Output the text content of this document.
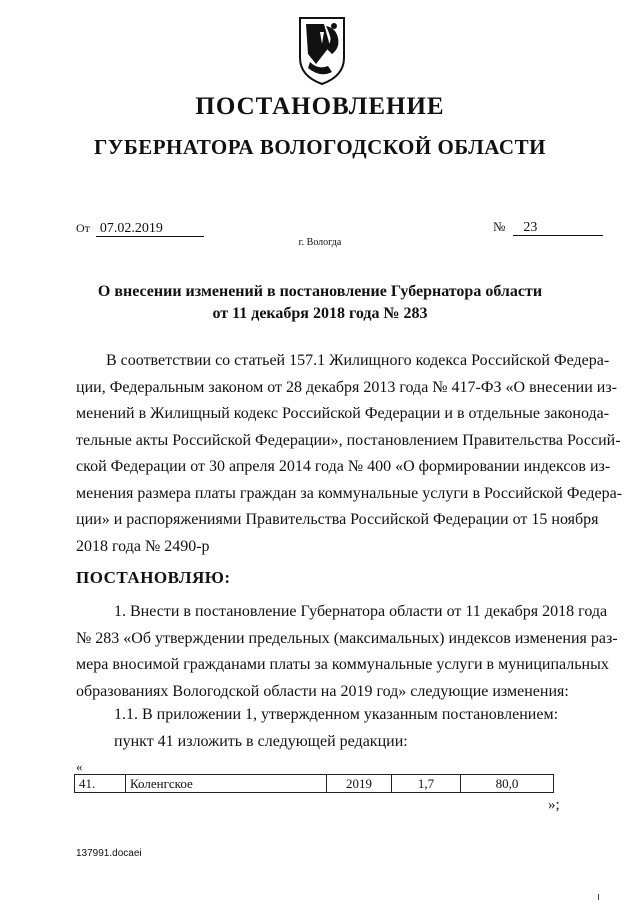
ПОСТАНОВЛЕНИЕ
ГУБЕРНАТОРА ВОЛОГОДСКОЙ ОБЛАСТИ
От 07.02.2019	№ 23
г. Вологда
О внесении изменений в постановление Губернатора области
от 11 декабря 2018 года № 283
В соответствии со статьей 157.1 Жилищного кодекса Российской Федера-
ции, Федеральным законом от 28 декабря 2013 года № 417-ФЗ «О внесении из-
менений в Жилищный кодекс Российской Федерации и в отдельные законода-
тельные акты Российской Федерации», постановлением Правительства Россий-
ской Федерации от 30 апреля 2014 года № 400 «О формировании индексов из-
менения размера платы граждан за коммунальные услуги в Российской Федера-
ции» и распоряжениями Правительства Российской Федерации от 15 ноября
2018 года № 2490-р
ПОСТАНОВЛЯЮ:
1. Внести в постановление Губернатора области от 11 декабря 2018 года
№ 283 «Об утверждении предельных (максимальных) индексов изменения раз-
мера вносимой гражданами платы за коммунальные услуги в муниципальных
образованиях Вологодской области на 2019 год» следующие изменения:
1.1. В приложении 1, утвержденном указанным постановлением:
пункт 41 изложить в следующей редакции:
«
41.	Коленгское	2019	1,7	80,0
»;
137991.docaei
